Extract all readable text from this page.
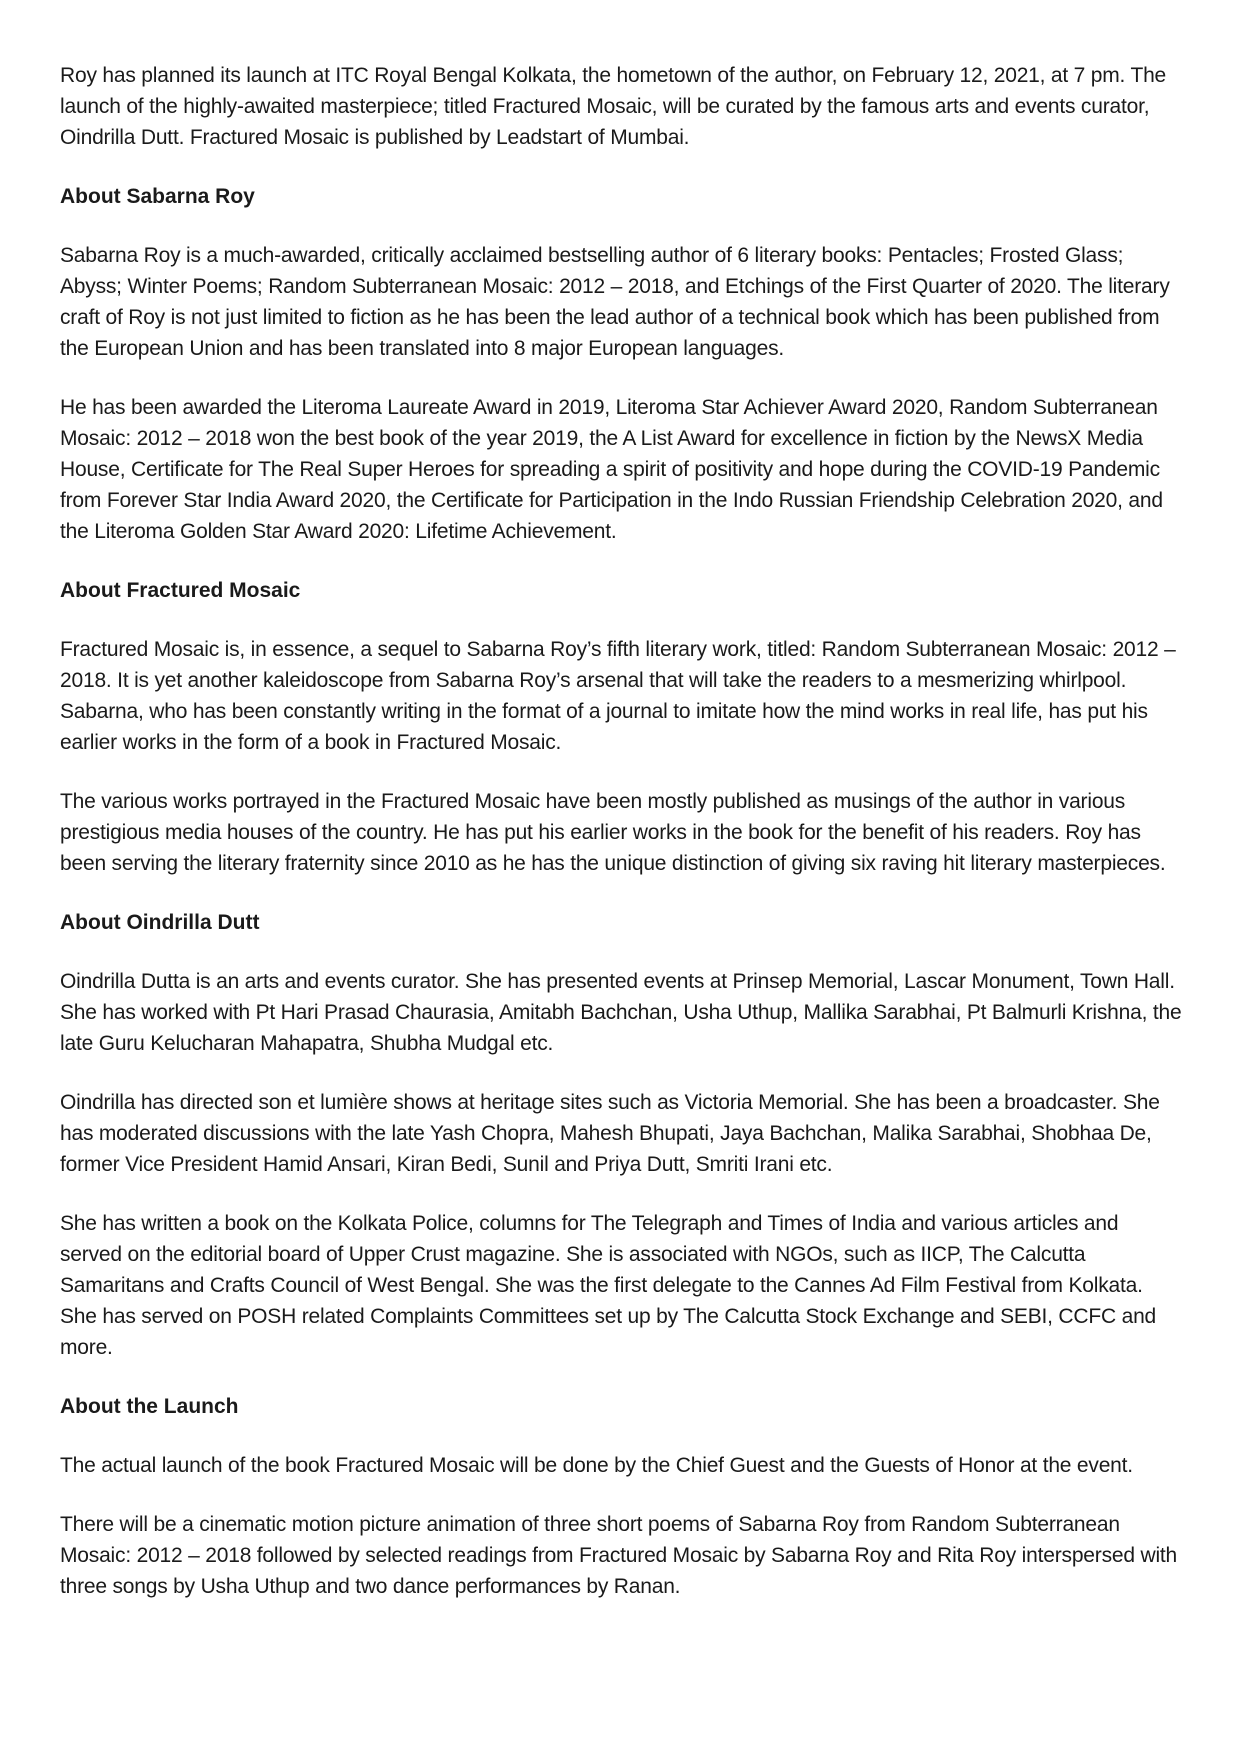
Roy has planned its launch at ITC Royal Bengal Kolkata, the hometown of the author, on February 12, 2021, at 7 pm. The launch of the highly-awaited masterpiece; titled Fractured Mosaic, will be curated by the famous arts and events curator, Oindrilla Dutt. Fractured Mosaic is published by Leadstart of Mumbai.

About Sabarna Roy

Sabarna Roy is a much-awarded, critically acclaimed bestselling author of 6 literary books: Pentacles; Frosted Glass; Abyss; Winter Poems; Random Subterranean Mosaic: 2012 – 2018, and Etchings of the First Quarter of 2020. The literary craft of Roy is not just limited to fiction as he has been the lead author of a technical book which has been published from the European Union and has been translated into 8 major European languages.

He has been awarded the Literoma Laureate Award in 2019, Literoma Star Achiever Award 2020, Random Subterranean Mosaic: 2012 – 2018 won the best book of the year 2019, the A List Award for excellence in fiction by the NewsX Media House, Certificate for The Real Super Heroes for spreading a spirit of positivity and hope during the COVID-19 Pandemic from Forever Star India Award 2020, the Certificate for Participation in the Indo Russian Friendship Celebration 2020, and the Literoma Golden Star Award 2020: Lifetime Achievement.

About Fractured Mosaic

Fractured Mosaic is, in essence, a sequel to Sabarna Roy’s fifth literary work, titled: Random Subterranean Mosaic: 2012 – 2018. It is yet another kaleidoscope from Sabarna Roy’s arsenal that will take the readers to a mesmerizing whirlpool. Sabarna, who has been constantly writing in the format of a journal to imitate how the mind works in real life, has put his earlier works in the form of a book in Fractured Mosaic.

The various works portrayed in the Fractured Mosaic have been mostly published as musings of the author in various prestigious media houses of the country. He has put his earlier works in the book for the benefit of his readers. Roy has been serving the literary fraternity since 2010 as he has the unique distinction of giving six raving hit literary masterpieces.

About Oindrilla Dutt

Oindrilla Dutta is an arts and events curator. She has presented events at Prinsep Memorial, Lascar Monument, Town Hall. She has worked with Pt Hari Prasad Chaurasia, Amitabh Bachchan, Usha Uthup, Mallika Sarabhai, Pt Balmurli Krishna, the late Guru Kelucharan Mahapatra, Shubha Mudgal etc.

Oindrilla has directed son et lumière shows at heritage sites such as Victoria Memorial. She has been a broadcaster. She has moderated discussions with the late Yash Chopra, Mahesh Bhupati, Jaya Bachchan, Malika Sarabhai, Shobhaa De, former Vice President Hamid Ansari, Kiran Bedi, Sunil and Priya Dutt, Smriti Irani etc.

She has written a book on the Kolkata Police, columns for The Telegraph and Times of India and various articles and served on the editorial board of Upper Crust magazine. She is associated with NGOs, such as IICP, The Calcutta Samaritans and Crafts Council of West Bengal. She was the first delegate to the Cannes Ad Film Festival from Kolkata. She has served on POSH related Complaints Committees set up by The Calcutta Stock Exchange and SEBI, CCFC and more.

About the Launch

The actual launch of the book Fractured Mosaic will be done by the Chief Guest and the Guests of Honor at the event.

There will be a cinematic motion picture animation of three short poems of Sabarna Roy from Random Subterranean Mosaic: 2012 – 2018 followed by selected readings from Fractured Mosaic by Sabarna Roy and Rita Roy interspersed with three songs by Usha Uthup and two dance performances by Ranan.
